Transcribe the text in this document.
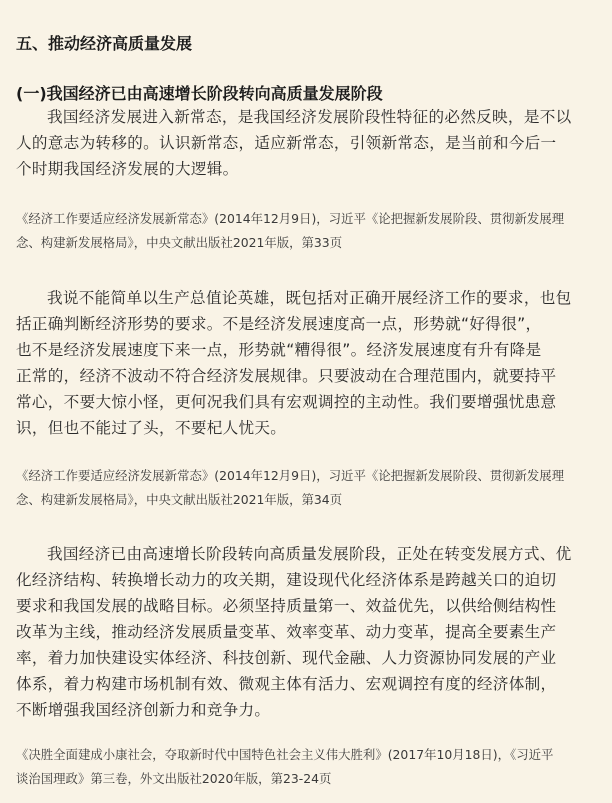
五、推动经济高质量发展
(一)我国经济已由高速增长阶段转向高质量发展阶段
我国经济发展进入新常态，是我国经济发展阶段性特征的必然反映，是不以
人的意志为转移的。认识新常态，适应新常态，引领新常态，是当前和今后一
个时期我国经济发展的大逻辑。
《经济工作要适应经济发展新常态》(2014年12月9日)，习近平《论把握新发展阶段、贯彻新发展理
念、构建新发展格局》，中央文献出版社2021年版，第33页
我说不能简单以生产总值论英雄，既包括对正确开展经济工作的要求，也包
括正确判断经济形势的要求。不是经济发展速度高一点，形势就“好得很”，
也不是经济发展速度下来一点，形势就“糟得很”。经济发展速度有升有降是
正常的，经济不波动不符合经济发展规律。只要波动在合理范围内，就要持平
常心，不要大惊小怪，更何况我们具有宏观调控的主动性。我们要增强忧患意
识，但也不能过了头，不要杞人忧天。
《经济工作要适应经济发展新常态》(2014年12月9日)，习近平《论把握新发展阶段、贯彻新发展理
念、构建新发展格局》，中央文献出版社2021年版，第34页
我国经济已由高速增长阶段转向高质量发展阶段，正处在转变发展方式、优
化经济结构、转换增长动力的攻关期，建设现代化经济体系是跨越关口的迫切
要求和我国发展的战略目标。必须坚持质量第一、效益优先，以供给侧结构性
改革为主线，推动经济发展质量变革、效率变革、动力变革，提高全要素生产
率，着力加快建设实体经济、科技创新、现代金融、人力资源协同发展的产业
体系，着力构建市场机制有效、微观主体有活力、宏观调控有度的经济体制，
不断增强我国经济创新力和竞争力。
《决胜全面建成小康社会，夺取新时代中国特色社会主义伟大胜利》(2017年10月18日)，《习近平
谈治国理政》第三卷，外文出版社2020年版，第23-24页
